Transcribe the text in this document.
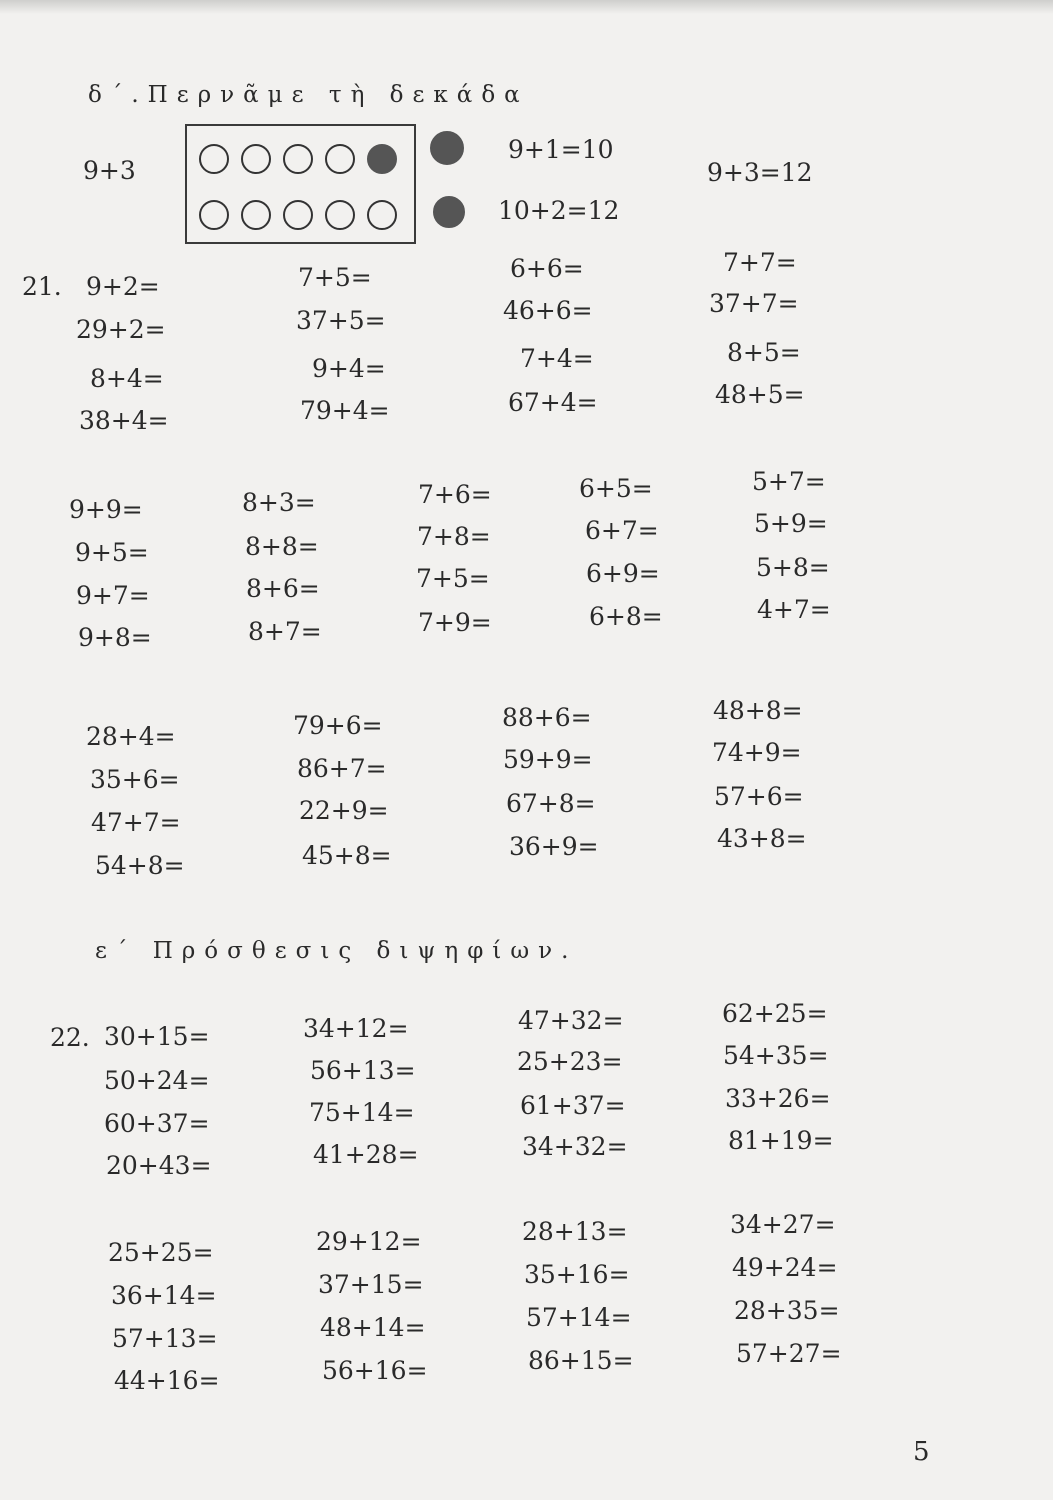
δ΄.Περνᾶμε τὴ δεκάδα
9+3
9+1=10
10+2=12
9+3=12
21. 9+2=
29+2=
8+4=
38+4=
7+5=
37+5=
9+4=
79+4=
6+6=
46+6=
7+4=
67+4=
7+7=
37+7=
8+5=
48+5=
9+9=
9+5=
9+7=
9+8=
8+3=
8+8=
8+6=
8+7=
7+6=
7+8=
7+5=
7+9=
6+5=
6+7=
6+9=
6+8=
5+7=
5+9=
5+8=
4+7=
28+4=
35+6=
47+7=
54+8=
79+6=
86+7=
22+9=
45+8=
88+6=
59+9=
67+8=
36+9=
48+8=
74+9=
57+6=
43+8=
ε΄ Πρόσθεσις διψηφίων.
22. 30+15=
50+24=
60+37=
20+43=
34+12=
56+13=
75+14=
41+28=
47+32=
25+23=
61+37=
34+32=
62+25=
54+35=
33+26=
81+19=
25+25=
36+14=
57+13=
44+16=
29+12=
37+15=
48+14=
56+16=
28+13=
35+16=
57+14=
86+15=
34+27=
49+24=
28+35=
57+27=
5
